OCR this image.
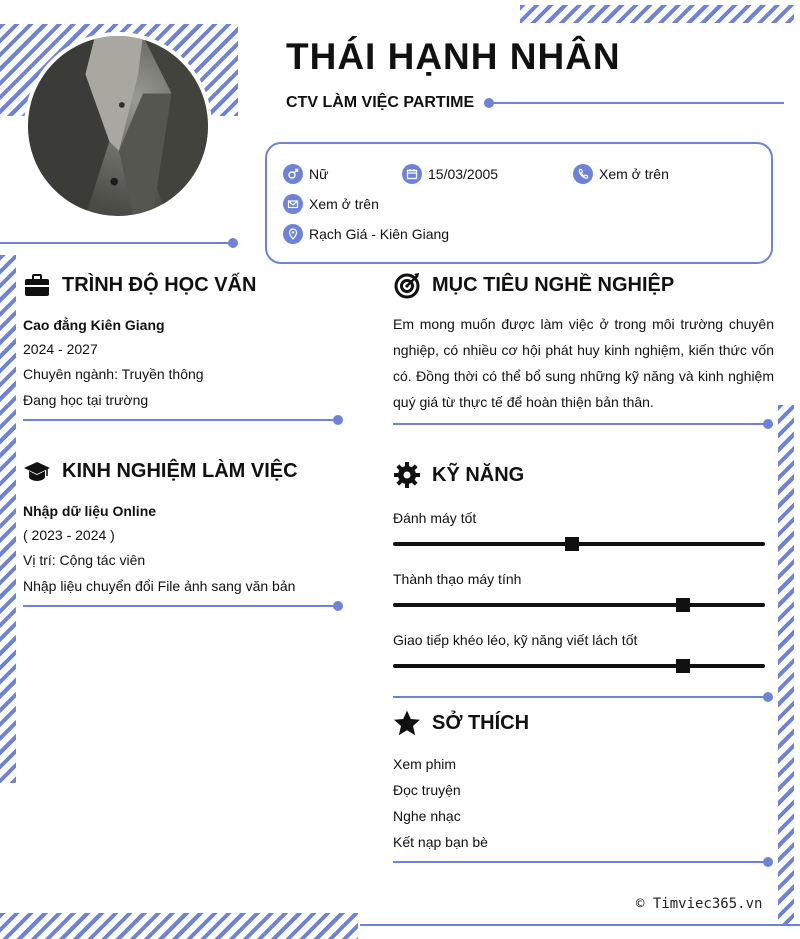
THÁI HẠNH NHÂN
CTV LÀM VIỆC PARTIME
Nữ	15/03/2005	Xem ở trên
Xem ở trên
Rạch Giá - Kiên Giang
TRÌNH ĐỘ HỌC VẤN
Cao đẳng Kiên Giang
2024 - 2027
Chuyên ngành: Truyền thông
Đang học tại trường
KINH NGHIỆM LÀM VIỆC
Nhập dữ liệu Online
( 2023 - 2024 )
Vị trí: Cộng tác viên
Nhập liệu chuyển đổi File ảnh sang văn bản
MỤC TIÊU NGHỀ NGHIỆP
Em mong muốn được làm việc ở trong môi trường chuyên
nghiệp, có nhiều cơ hội phát huy kinh nghiệm, kiến thức vốn
có. Đồng thời có thể bổ sung những kỹ năng và kinh nghiệm
quý giá từ thực tế để hoàn thiện bản thân.
KỸ NĂNG
Đánh máy tốt
Thành thạo máy tính
Giao tiếp khéo léo, kỹ năng viết lách tốt
SỞ THÍCH
Xem phim
Đọc truyện
Nghe nhạc
Kết nạp bạn bè
© Timviec365.vn
